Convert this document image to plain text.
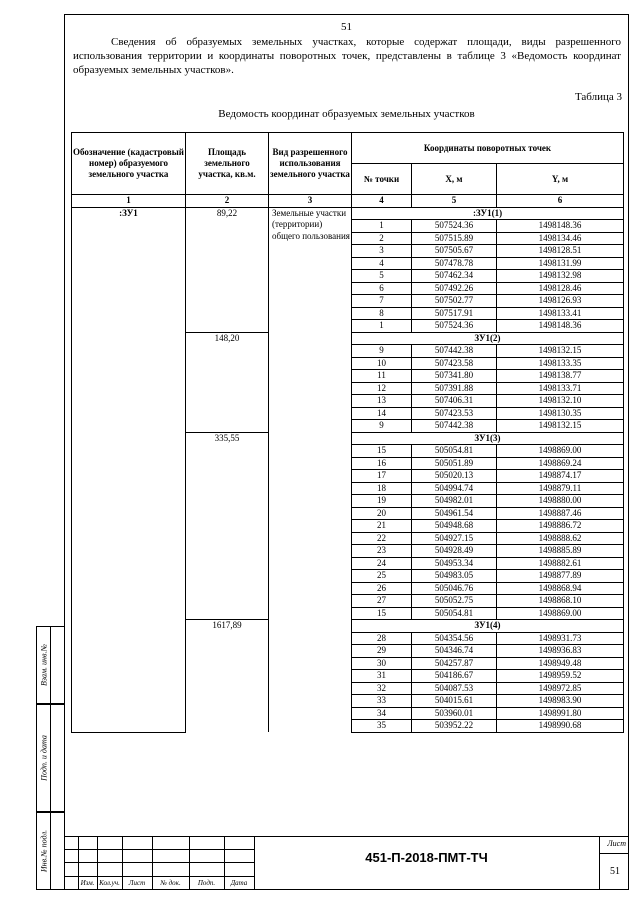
51

Сведения об образуемых земельных участках, которые содержат площади, виды разрешенного использования территории и координаты поворотных точек, представлены в таблице 3 «Ведомость координат образуемых земельных участков».

Таблица 3
Ведомость координат образуемых земельных участков
Обозначение (кадастровый номер) образуемого земельного участка	Площадь земельного участка, кв.м.	Вид разрешенного использования земельного участка	Координаты поворотных точек		
			№ точки	X, м	Y, м
1	2	3	4	5	6
:ЗУ1	89,22	Земельные участки (территории) общего пользования	:ЗУ1(1)		
			1	507524.36	1498148.36
			2	507515.89	1498134.46
			3	507505.67	1498128.51
			4	507478.78	1498131.99
			5	507462.34	1498132.98
			6	507492.26	1498128.46
			7	507502.77	1498126.93
			8	507517.91	1498133.41
			1	507524.36	1498148.36
	148,20		ЗУ1(2)		
			9	507442.38	1498132.15
			10	507423.58	1498133.35
			11	507341.80	1498138.77
			12	507391.88	1498133.71
			13	507406.31	1498132.10
			14	507423.53	1498130.35
			9	507442.38	1498132.15
	335,55		ЗУ1(3)		
			15	505054.81	1498869.00
			16	505051.89	1498869.24
			17	505020.13	1498874.17
			18	504994.74	1498879.11
			19	504982.01	1498880.00
			20	504961.54	1498887.46
			21	504948.68	1498886.72
			22	504927.15	1498888.62
			23	504928.49	1498885.89
			24	504953.34	1498882.61
			25	504983.05	1498877.89
			26	505046.76	1498868.94
			27	505052.75	1498868.10
			15	505054.81	1498869.00
	1617,89		ЗУ1(4)		
			28	504354.56	1498931.73
			29	504346.74	1498936.83
			30	504257.87	1498949.48
			31	504186.67	1498959.52
			32	504087.53	1498972.85
			33	504015.61	1498983.90
			34	503960.01	1498991.80
			35	503952.22	1498990.68
Взам. инв.№
Подп. и дата
Инв.№ подл.
Изм. Кол.уч.	Лист	№ док.	Подп.	Дата
451-П-2018-ПМТ-ТЧ
Лист
51
